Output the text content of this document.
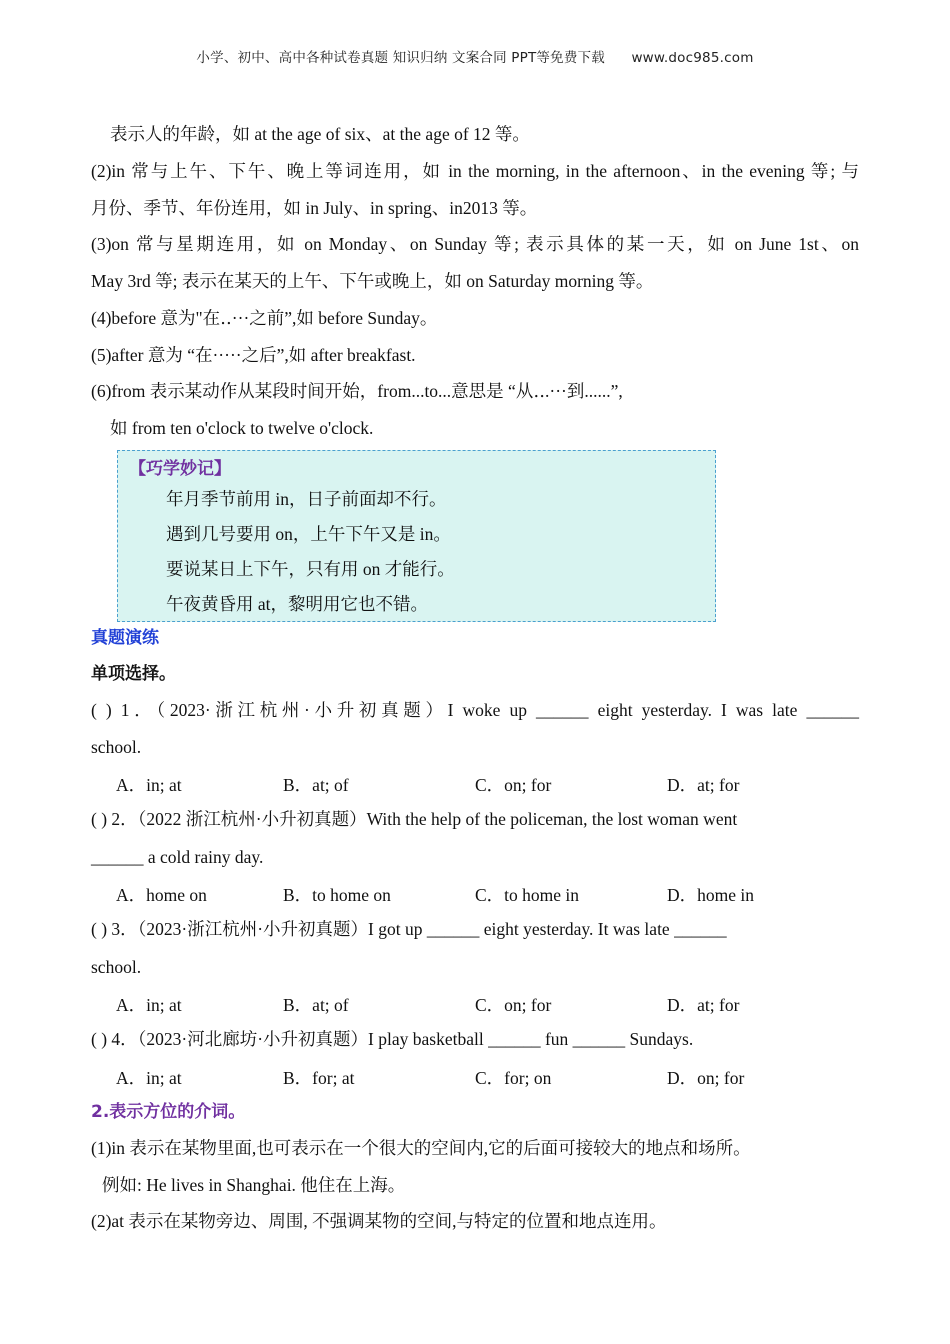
小学、初中、高中各种试卷真题 知识归纳 文案合同 PPT等免费下载 www.doc985.com
表示人的年龄，如 at the age of six、at the age of 12 等。
(2)in 常与上午、下午、晚上等词连用，如 in the morning, in the afternoon、in the evening 等; 与
月份、季节、年份连用，如 in July、in spring、in2013 等。
(3)on 常与星期连用，如 on Monday、on Sunday 等; 表示具体的某一天，如 on June 1st、on
May 3rd 等; 表示在某天的上午、下午或晚上，如 on Saturday morning 等。
(4)before 意为"在‥···之前”,如 before Sunday。
(5)after 意为 “在·····之后”,如 after breakfast.
(6)from 表示某动作从某段时间开始，from...to...意思是 “从‥.···到......”,
如 from ten o'clock to twelve o'clock.
【巧学妙记】
年月季节前用 in，日子前面却不行。
遇到几号要用 on，上午下午又是 in。
要说某日上下午，只有用 on 才能行。
午夜黄昏用 at，黎明用它也不错。
真题演练
单项选择。
( ) 1．（2023·浙江杭州·小升初真题）I woke up ______ eight yesterday. I was late ______
school.
A．in; at	B．at; of	C．on; for	D．at; for
( ) 2．（2022 浙江杭州·小升初真题）With the help of the policeman, the lost woman went
______ a cold rainy day.
A．home on	B．to home on	C．to home in	D．home in
( ) 3．（2023·浙江杭州·小升初真题）I got up ______ eight yesterday. It was late ______
school.
A．in; at	B．at; of	C．on; for	D．at; for
( ) 4．（2023·河北廊坊·小升初真题）I play basketball ______ fun ______ Sundays.
A．in; at	B．for; at	C．for; on	D．on; for
2.表示方位的介词。
(1)in 表示在某物里面,也可表示在一个很大的空间内,它的后面可接较大的地点和场所。
例如: He lives in Shanghai. 他住在上海。
(2)at 表示在某物旁边、周围, 不强调某物的空间,与特定的位置和地点连用。
